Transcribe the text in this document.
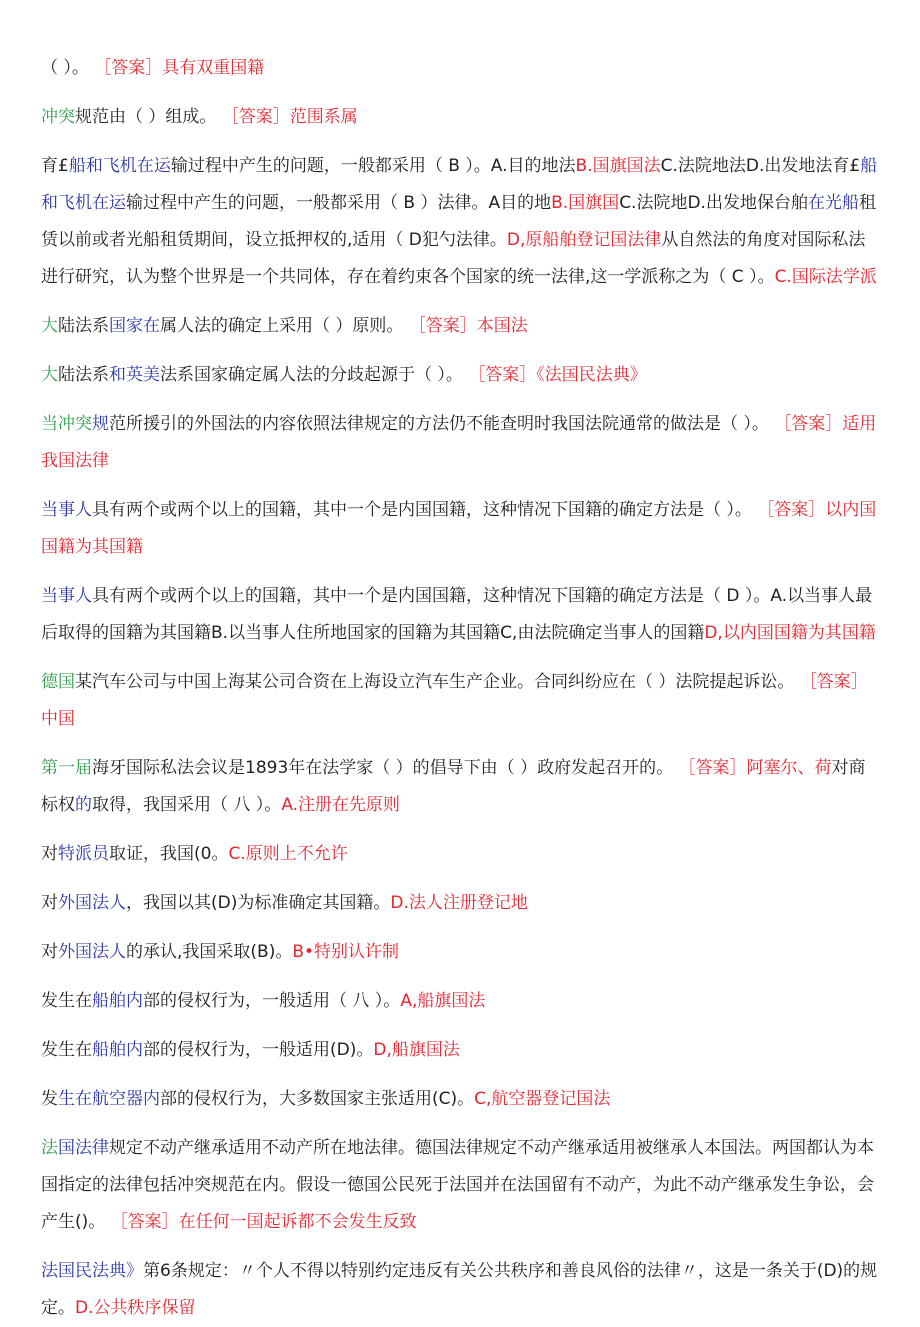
（ ）。 ［答案］具有双重国籍

冲突规范由（ ）组成。 ［答案］范围系属

育£船和飞机在运输过程中产生的问题，一般都采用（ B ）。A.目的地法B.国旗国法C.法院地法D.出发地法育£船和飞机在运输过程中产生的问题，一般都采用（ B ）法律。A目的地B.国旗国C.法院地D.出发地保台舶在光船租赁以前或者光船租赁期间，设立抵押权的,适用（ D犯勺法律。D,原船舶登记国法律从自然法的角度对国际私法进行研究，认为整个世界是一个共同体，存在着约束各个国家的统一法律,这一学派称之为（ C ）。C.国际法学派

大陆法系国家在属人法的确定上采用（ ）原则。 ［答案］本国法

大陆法系和英美法系国家确定属人法的分歧起源于（ ）。 ［答案］《法国民法典》

当冲突规范所援引的外国法的内容依照法律规定的方法仍不能查明时我国法院通常的做法是（ ）。 ［答案］适用我国法律

当事人具有两个或两个以上的国籍，其中一个是内国国籍，这种情况下国籍的确定方法是（ ）。 ［答案］以内国国籍为其国籍

当事人具有两个或两个以上的国籍，其中一个是内国国籍，这种情况下国籍的确定方法是（ D ）。A.以当事人最后取得的国籍为其国籍B.以当事人住所地国家的国籍为其国籍C,由法院确定当事人的国籍D,以内国国籍为其国籍

德国某汽车公司与中国上海某公司合资在上海设立汽车生产企业。合同纠纷应在（ ）法院提起诉讼。 ［答案］中国

第一届海牙国际私法会议是1893年在法学家（ ）的倡导下由（ ）政府发起召开的。 ［答案］阿塞尔、荷对商标权的取得，我国采用（ 八 ）。A.注册在先原则

对特派员取证，我国(0。C.原则上不允许

对外国法人，我国以其(D)为标准确定其国籍。D.法人注册登记地

对外国法人的承认,我国采取(B)。B•特别认许制

发生在船舶内部的侵权行为，一般适用（ 八 ）。A,船旗国法

发生在船舶内部的侵权行为，一般适用(D)。D,船旗国法

发生在航空器内部的侵权行为，大多数国家主张适用(C)。C,航空器登记国法

法国法律规定不动产继承适用不动产所在地法律。德国法律规定不动产继承适用被继承人本国法。两国都认为本国指定的法律包括冲突规范在内。假设一德国公民死于法国并在法国留有不动产，为此不动产继承发生争讼，会产生()。 ［答案］在任何一国起诉都不会发生反致

法国民法典》第6条规定：〃个人不得以特别约定违反有关公共秩序和善良风俗的法律〃，这是一条关于(D)的规定。D.公共秩序保留
